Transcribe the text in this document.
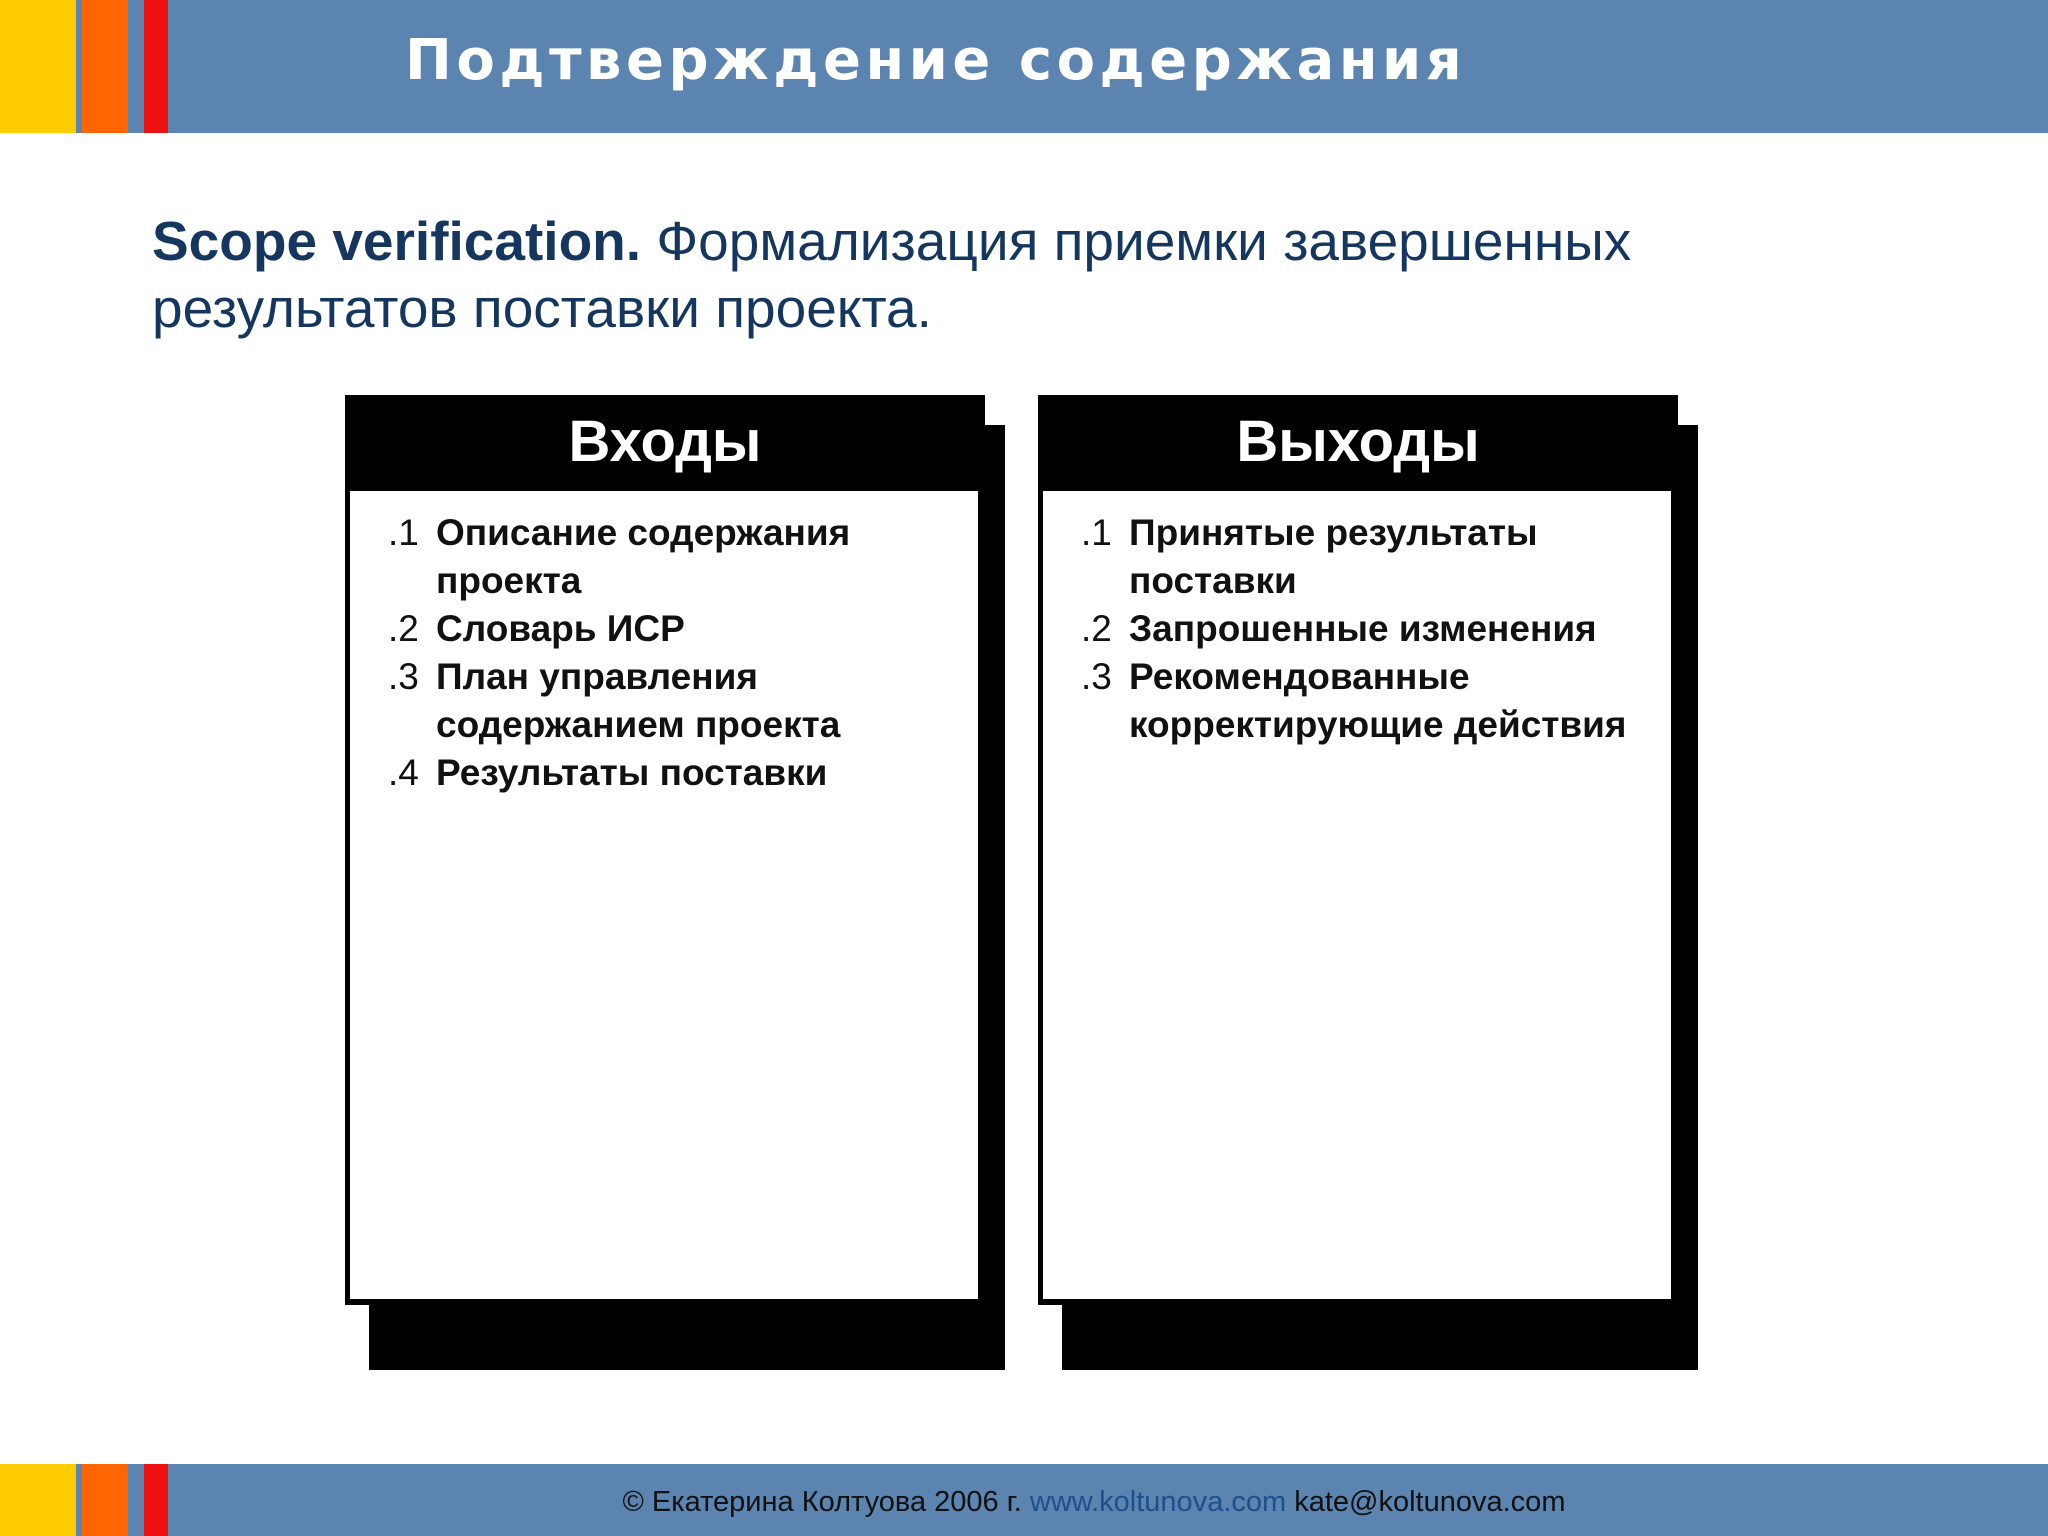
Подтверждение содержания
Scope verification. Формализация приемки завершенных результатов поставки проекта.
Входы
.1 Описание содержания проекта
.2 Словарь ИСР
.3 План управления содержанием проекта
.4 Результаты поставки
Выходы
.1 Принятые результаты поставки
.2 Запрошенные изменения
.3 Рекомендованные корректирующие действия
© Екатерина Колтуова 2006 г. www.koltunova.com kate@koltunova.com
